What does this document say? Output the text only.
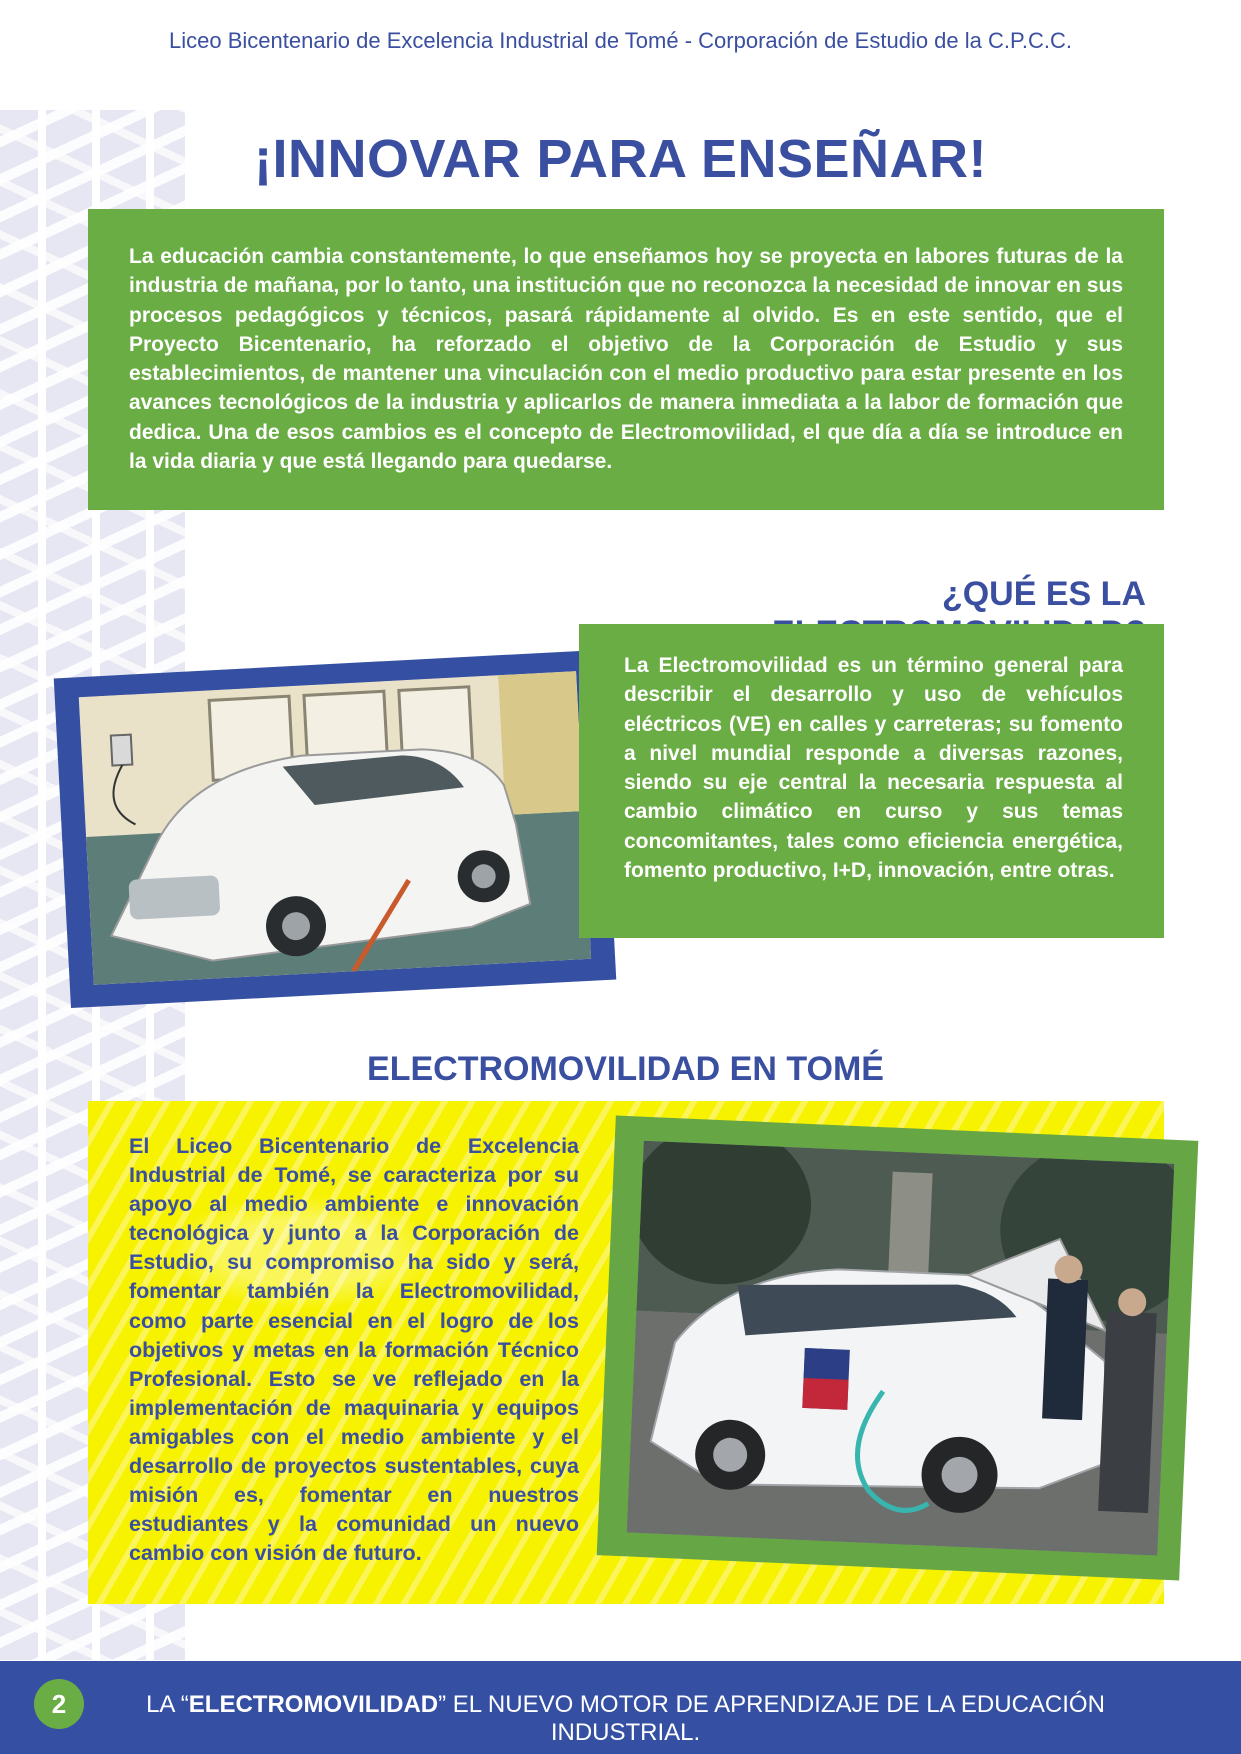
Liceo Bicentenario de Excelencia Industrial de Tomé - Corporación de Estudio de la C.P.C.C.
¡INNOVAR PARA ENSEÑAR!

La educación cambia constantemente, lo que enseñamos hoy se proyecta en labores futuras de la industria de mañana, por lo tanto, una institución que no reconozca la necesidad de innovar en sus procesos pedagógicos y técnicos, pasará rápidamente al olvido. Es en este sentido, que el Proyecto Bicentenario, ha reforzado el objetivo de la Corporación de Estudio y sus establecimientos, de mantener una vinculación con el medio productivo para estar presente en los avances tecnológicos de la industria y aplicarlos de manera inmediata a la labor de formación que dedica. Una de esos cambios es el concepto de Electromovilidad, el que día a día se introduce en la vida diaria y que está llegando para quedarse.

¿QUÉ ES LA

La Electromovilidad es un término general para describir el desarrollo y uso de vehículos eléctricos (VE) en calles y carreteras; su fomento a nivel mundial responde a diversas razones, siendo su eje central la necesaria respuesta al cambio climático en curso y sus temas concomitantes, tales como eficiencia energética, fomento productivo, I+D, innovación, entre otras.

ELECTROMOVILIDAD EN TOMÉ

El Liceo Bicentenario de Excelencia Industrial de Tomé, se caracteriza por su apoyo al medio ambiente e innovación tecnológica y junto a la Corporación de Estudio, su compromiso ha sido y será, fomentar también la Electromovilidad, como parte esencial en el logro de los objetivos y metas en la formación Técnico Profesional. Esto se ve reflejado en la implementación de maquinaria y equipos amigables con el medio ambiente y el desarrollo de proyectos sustentables, cuya misión es, fomentar en nuestros estudiantes y la comunidad un nuevo cambio con visión de futuro.

2	LA “ELECTROMOVILIDAD” EL NUEVO MOTOR DE APRENDIZAJE DE LA EDUCACIÓN INDUSTRIAL.
